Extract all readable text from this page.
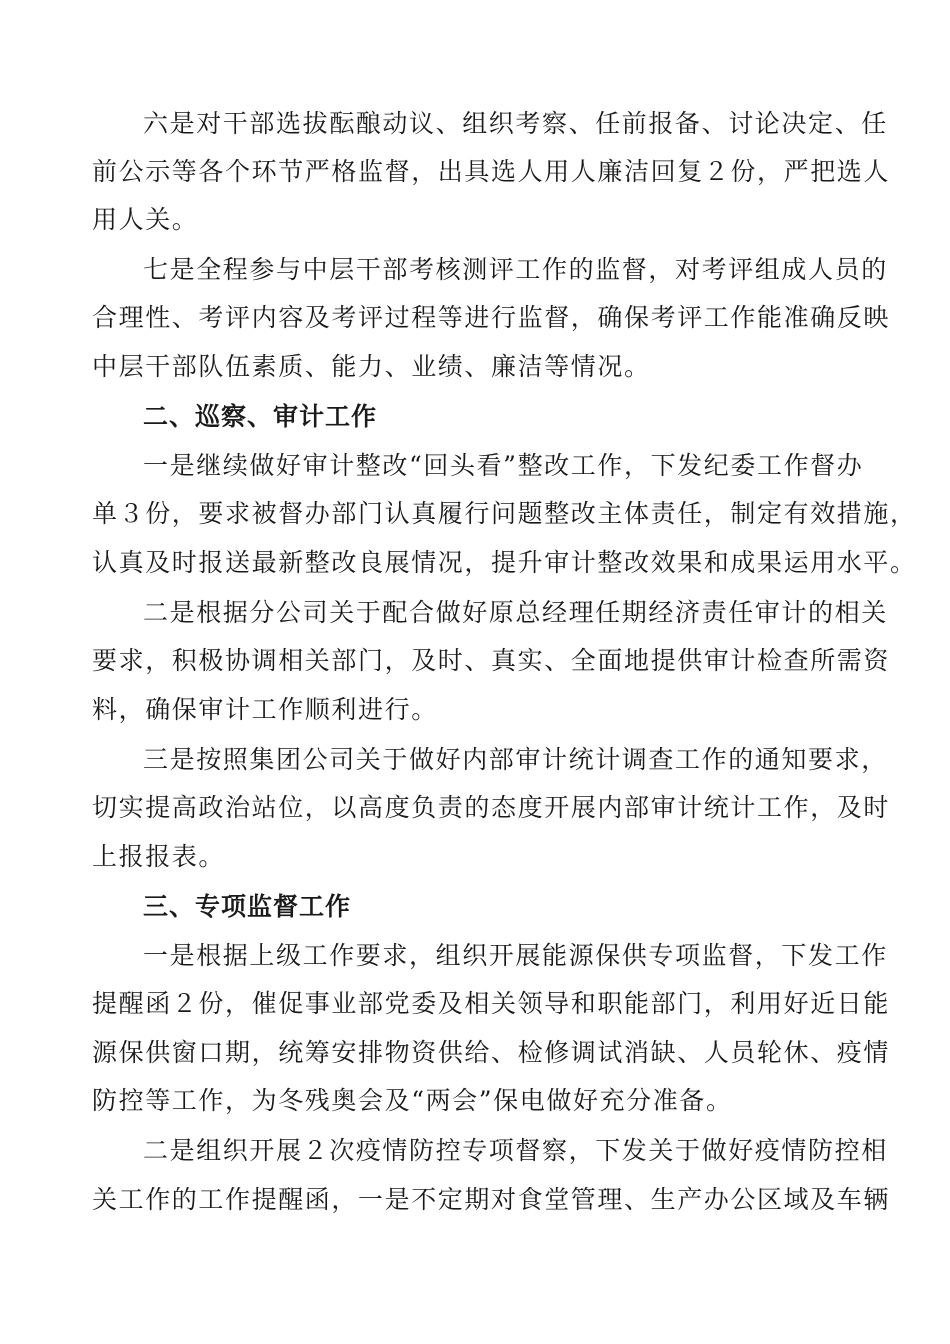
六是对干部选拔酝酿动议、组织考察、任前报备、讨论决定、任
前公示等各个环节严格监督，出具选人用人廉洁回复２份，严把选人
用人关。
七是全程参与中层干部考核测评工作的监督，对考评组成人员的
合理性、考评内容及考评过程等进行监督，确保考评工作能准确反映
中层干部队伍素质、能力、业绩、廉洁等情况。
二、巡察、审计工作
一是继续做好审计整改“回头看”整改工作，下发纪委工作督办
单３份，要求被督办部门认真履行问题整改主体责任，制定有效措施，
认真及时报送最新整改良展情况，提升审计整改效果和成果运用水平。
二是根据分公司关于配合做好原总经理任期经济责任审计的相关
要求，积极协调相关部门，及时、真实、全面地提供审计检查所需资
料，确保审计工作顺利进行。
三是按照集团公司关于做好内部审计统计调查工作的通知要求，
切实提高政治站位，以高度负责的态度开展内部审计统计工作，及时
上报报表。
三、专项监督工作
一是根据上级工作要求，组织开展能源保供专项监督，下发工作
提醒函２份，催促事业部党委及相关领导和职能部门，利用好近日能
源保供窗口期，统筹安排物资供给、检修调试消缺、人员轮休、疫情
防控等工作，为冬残奥会及“两会”保电做好充分准备。
二是组织开展２次疫情防控专项督察，下发关于做好疫情防控相
关工作的工作提醒函，一是不定期对食堂管理、生产办公区域及车辆
